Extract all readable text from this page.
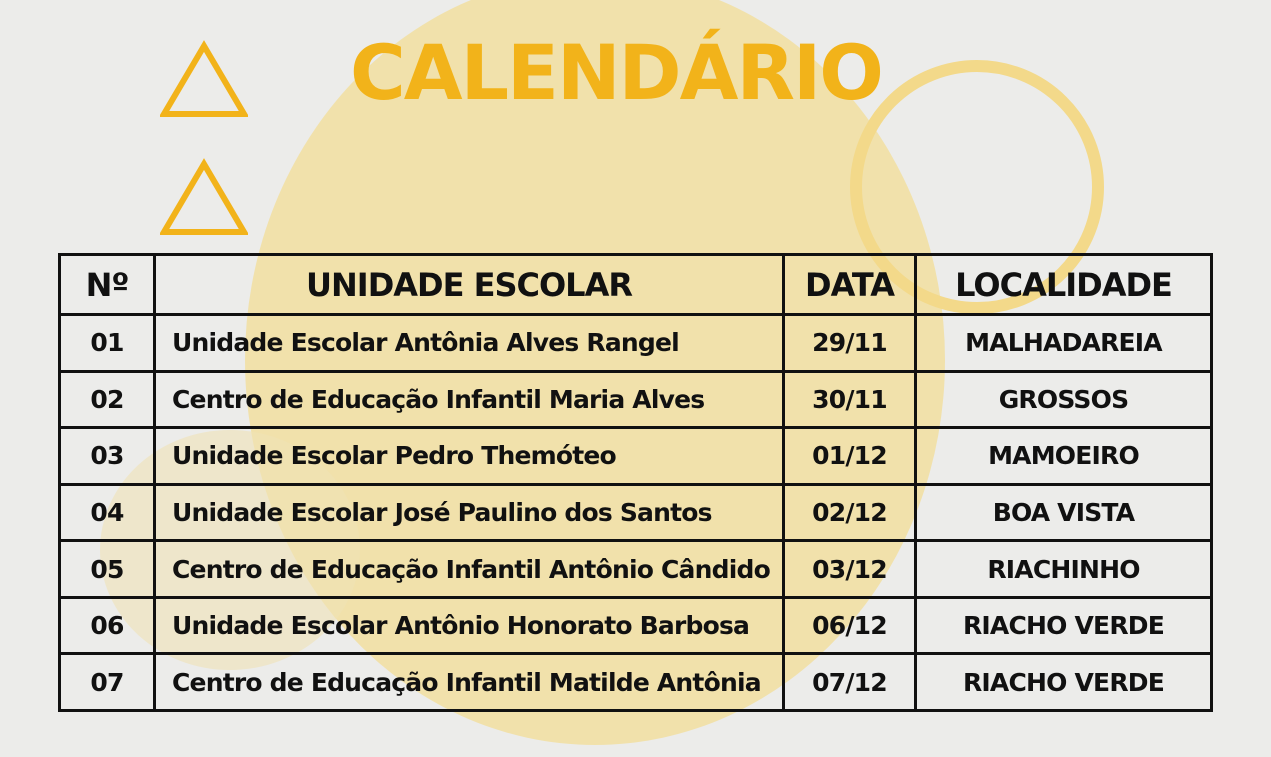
CALENDÁRIO
Nº	UNIDADE ESCOLAR	DATA	LOCALIDADE
01	Unidade Escolar Antônia Alves Rangel	29/11	MALHADAREIA
02	Centro de Educação Infantil Maria Alves	30/11	GROSSOS
03	Unidade Escolar Pedro Themóteo	01/12	MAMOEIRO
04	Unidade Escolar José Paulino dos Santos	02/12	BOA VISTA
05	Centro de Educação Infantil Antônio Cândido	03/12	RIACHINHO
06	Unidade Escolar Antônio Honorato Barbosa	06/12	RIACHO VERDE
07	Centro de Educação Infantil Matilde Antônia	07/12	RIACHO VERDE
